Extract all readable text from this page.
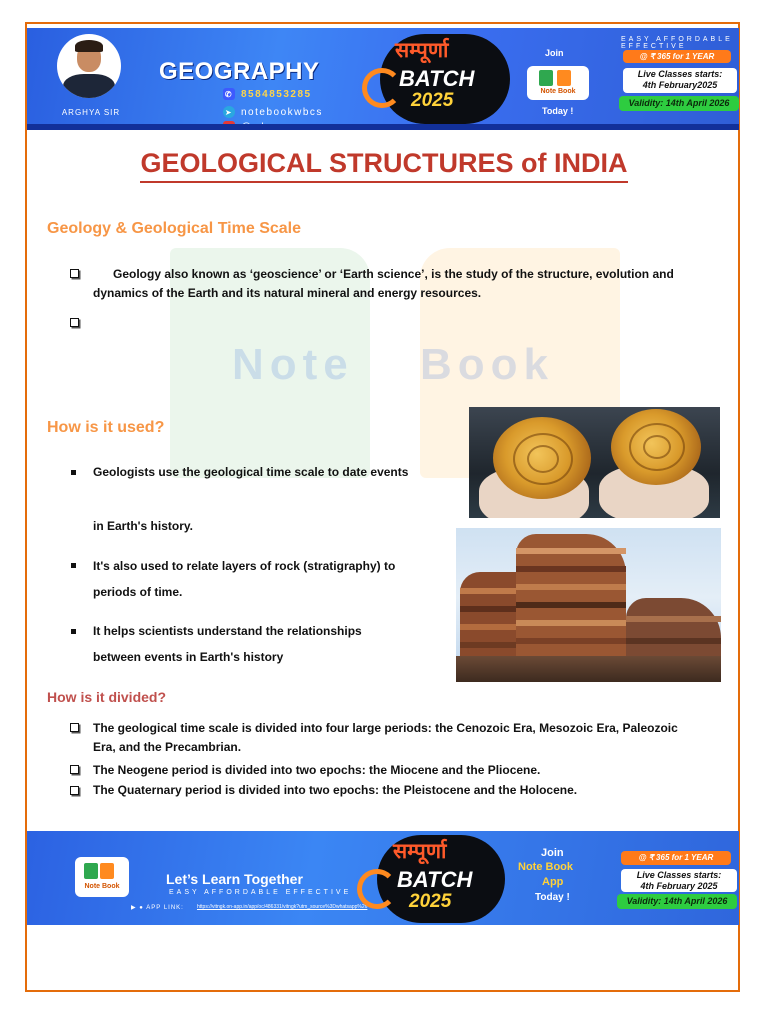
ARGHYA SIR
GEOGRAPHY
✆ 8584853285
➤ notebookwbcs
सम्पूर्णा
BATCH
2025
Join
Note Book
Today !
EASY AFFORDABLE EFFECTIVE
@ ₹ 365 for 1 YEAR
Live Classes starts:
4th February2025
Validity: 14th April 2026
GEOLOGICAL STRUCTURES of INDIA
Note Book
Geology & Geological Time Scale
Geology also known as ‘geoscience’ or ‘Earth science’, is the study of the structure, evolution and dynamics of the Earth and its natural mineral and energy resources.
How is it used?
Geologists use the geological time scale to date events
in Earth's history.
It's also used to relate layers of rock (stratigraphy) to
periods of time.
It helps scientists understand the relationships
between events in Earth's history
How is it divided?
The geological time scale is divided into four large periods: the Cenozoic Era, Mesozoic Era, Paleozoic Era, and the Precambrian.
The Neogene period is divided into two epochs: the Miocene and the Pliocene.
The Quaternary period is divided into two epochs: the Pleistocene and the Holocene.
Note Book	Let’s Learn Together
EASY AFFORDABLE EFFECTIVE
▶ ● APP LINK:	https://vitngk.on-app.in/app/oc/486331/vitngk?utm_source%3Dwhatsapp%26
सम्पूर्णा
BATCH
2025
Join
Note Book
App
Today !
@ ₹ 365 for 1 YEAR
Live Classes starts:
4th February 2025
Validity: 14th April 2026
